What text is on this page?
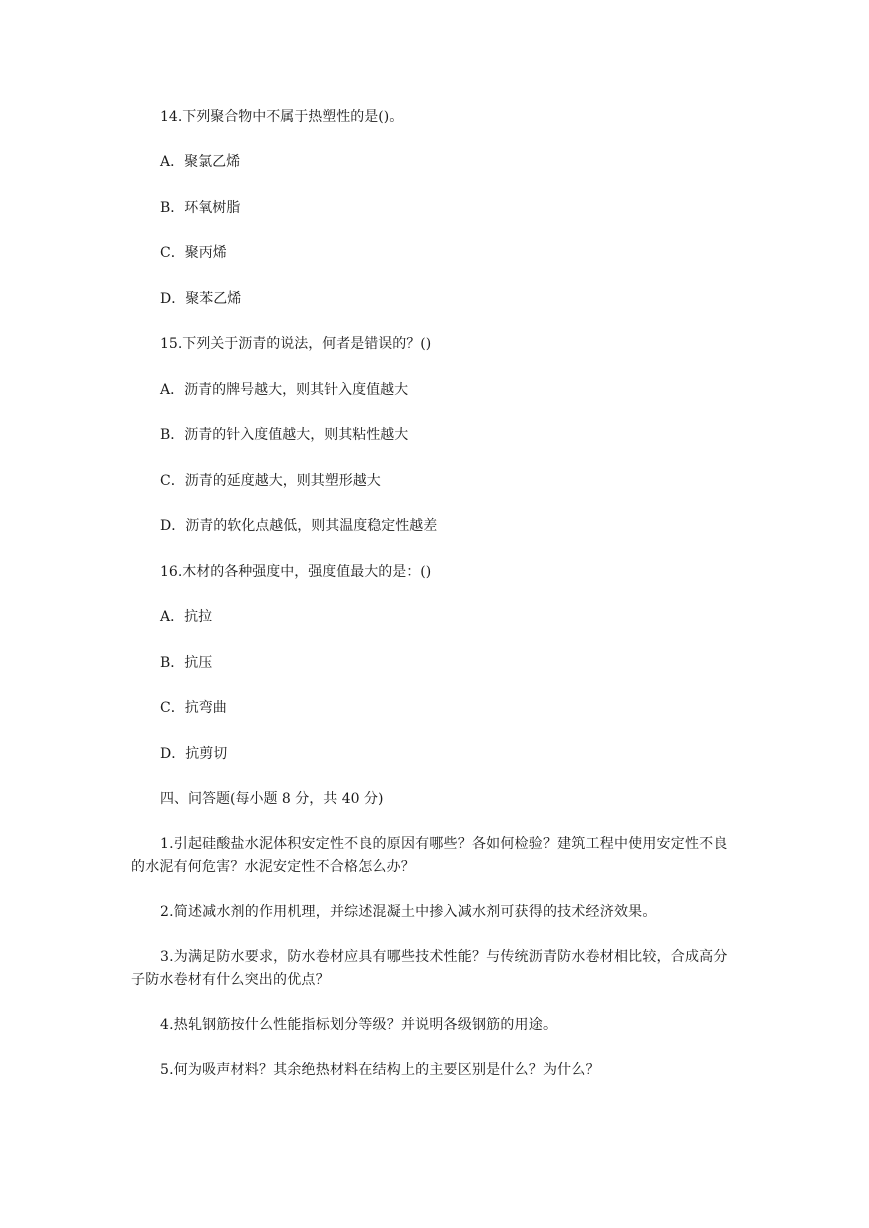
14.下列聚合物中不属于热塑性的是()。
A．聚氯乙烯
B．环氧树脂
C．聚丙烯
D．聚苯乙烯
15.下列关于沥青的说法，何者是错误的？()
A．沥青的牌号越大，则其针入度值越大
B．沥青的针入度值越大，则其粘性越大
C．沥青的延度越大，则其塑形越大
D．沥青的软化点越低，则其温度稳定性越差
16.木材的各种强度中，强度值最大的是：()
A．抗拉
B．抗压
C．抗弯曲
D．抗剪切
四、问答题(每小题 8 分，共 40 分)
1.引起硅酸盐水泥体积安定性不良的原因有哪些？各如何检验？建筑工程中使用安定性不良的水泥有何危害？水泥安定性不合格怎么办？
2.简述减水剂的作用机理，并综述混凝土中掺入减水剂可获得的技术经济效果。
3.为满足防水要求，防水卷材应具有哪些技术性能？与传统沥青防水卷材相比较，合成高分子防水卷材有什么突出的优点？
4.热轧钢筋按什么性能指标划分等级？并说明各级钢筋的用途。
5.何为吸声材料？其余绝热材料在结构上的主要区别是什么？为什么？
